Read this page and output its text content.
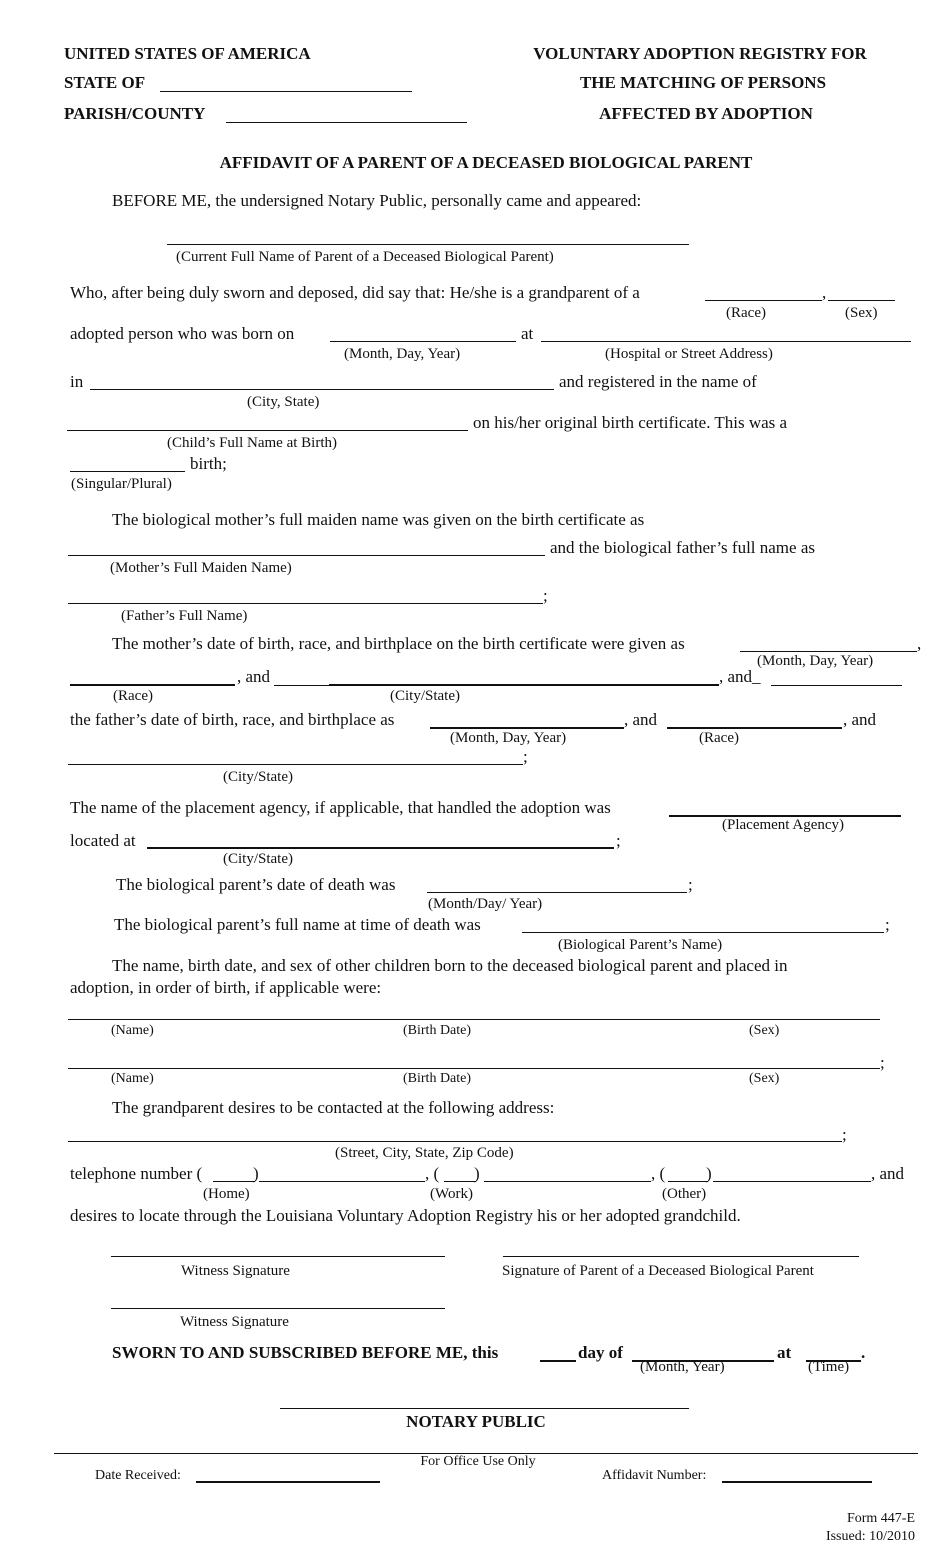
UNITED STATES OF AMERICA
STATE OF
PARISH/COUNTY
VOLUNTARY ADOPTION REGISTRY FOR
THE MATCHING OF PERSONS
AFFECTED BY ADOPTION
AFFIDAVIT OF A PARENT OF A DECEASED BIOLOGICAL PARENT
BEFORE ME, the undersigned Notary Public, personally came and appeared:
(Current Full Name of Parent of a Deceased Biological Parent)
Who, after being duly sworn and deposed, did say that: He/she is a grandparent of a	,
(Race)	(Sex)
adopted person who was born on	at
(Month, Day, Year)	(Hospital or Street Address)
in	and registered in the name of
(City, State)
on his/her original birth certificate. This was a
(Child’s Full Name at Birth)
birth;
(Singular/Plural)
The biological mother’s full maiden name was given on the birth certificate as
and the biological father’s full name as
(Mother’s Full Maiden Name)
;
(Father’s Full Name)
The mother’s date of birth, race, and birthplace on the birth certificate were given as	,
(Month, Day, Year)
, and	, and_
(Race)	(City/State)
the father’s date of birth, race, and birthplace as	, and	, and
(Month, Day, Year)	(Race)
;
(City/State)
The name of the placement agency, if applicable, that handled the adoption was
(Placement Agency)
located at	;
(City/State)
The biological parent’s date of death was	;
(Month/Day/ Year)
The biological parent’s full name at time of death was	;
(Biological Parent’s Name)
The name, birth date, and sex of other children born to the deceased biological parent and placed in
adoption, in order of birth, if applicable were:
(Name)	(Birth Date)	(Sex)
;
(Name)	(Birth Date)	(Sex)
The grandparent desires to be contacted at the following address:
;
(Street, City, State, Zip Code)
telephone number (	)	, ( )	, ( )	, and
(Home)	(Work)	(Other)
desires to locate through the Louisiana Voluntary Adoption Registry his or her adopted grandchild.
Witness Signature	Signature of Parent of a Deceased Biological Parent
Witness Signature
SWORN TO AND SUBSCRIBED BEFORE ME, this	day of	at	.
(Month, Year)	(Time)
NOTARY PUBLIC
For Office Use Only
Date Received:	Affidavit Number:
Form 447-E
Issued: 10/2010
